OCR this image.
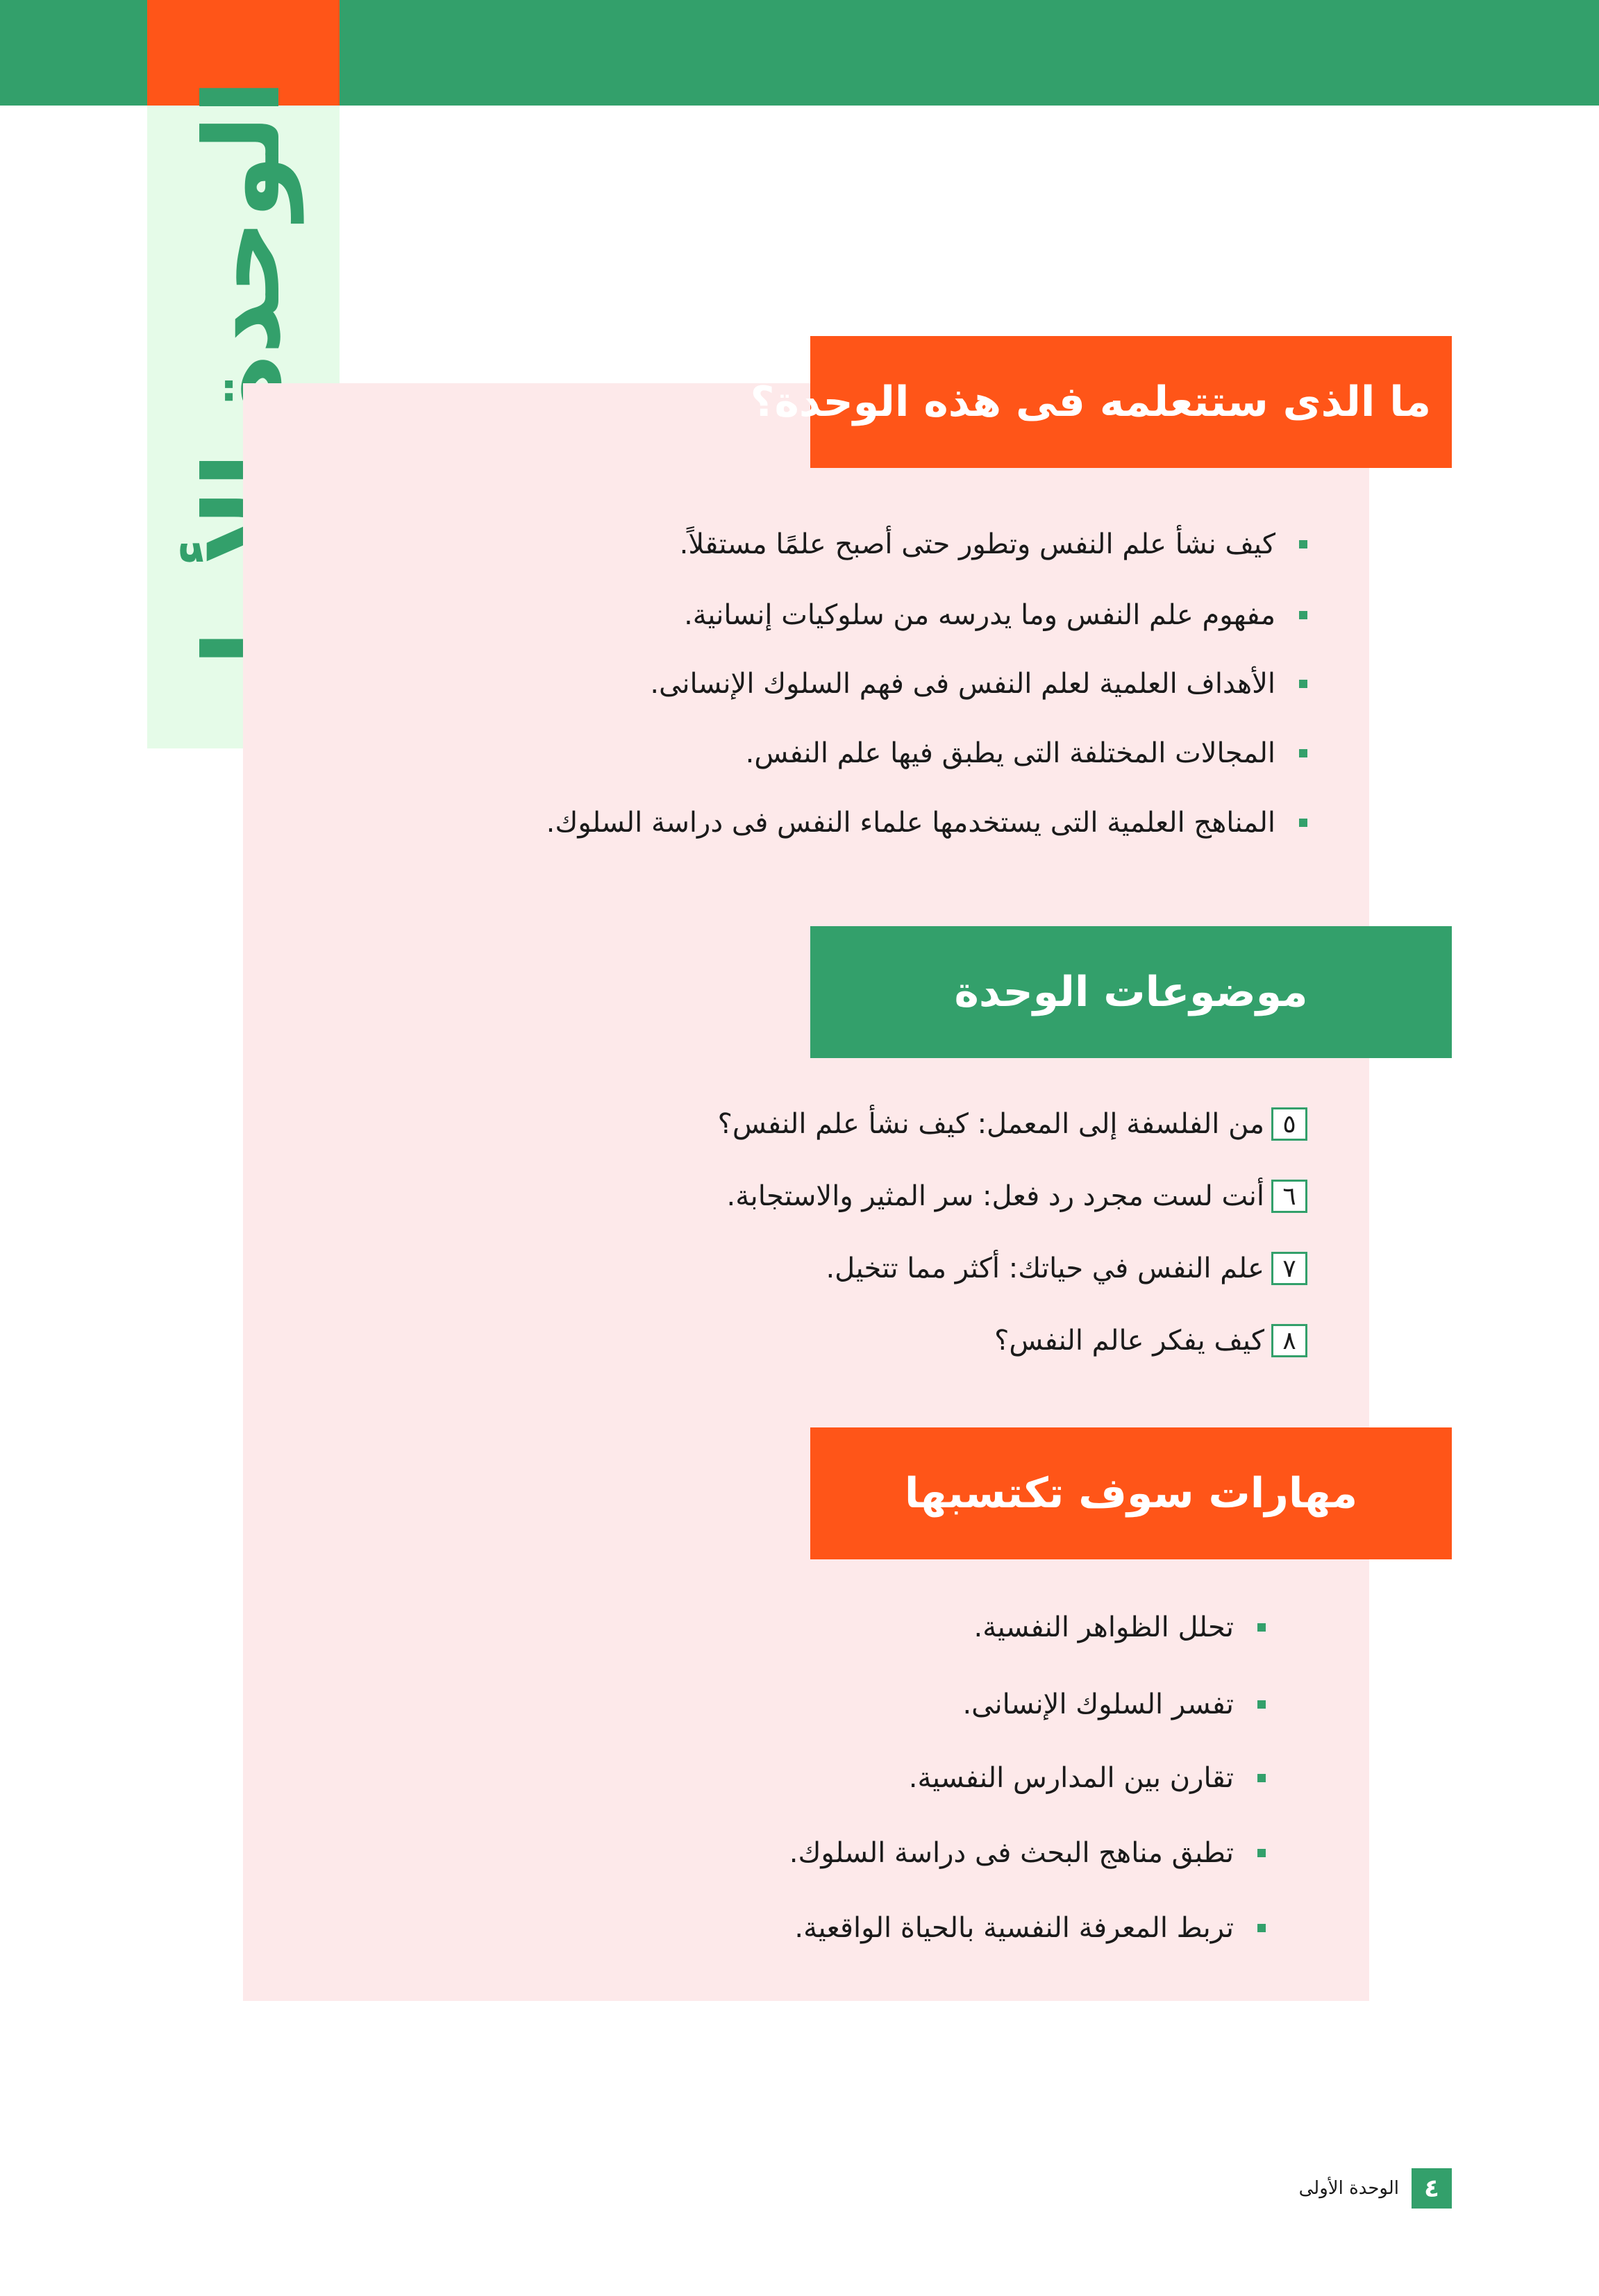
الوحدة	ما الذى ستتعلمه فى هذه الوحدة؟
كيف نشأ علم النفس وتطور حتى أصبح علمًا مستقلاً.
مفهوم علم النفس وما يدرسه من سلوكيات إنسانية.
الأهداف العلمية لعلم النفس فى فهم السلوك الإنسانى.
المجالات المختلفة التى يطبق فيها علم النفس.
المناهج العلمية التى يستخدمها علماء النفس فى دراسة السلوك.
موضوعات الوحدة
٥
من الفلسفة إلى المعمل: كيف نشأ علم النفس؟
٦
أنت لست مجرد رد فعل: سر المثير والاستجابة.
٧
علم النفس في حياتك: أكثر مما تتخيل.
٨
كيف يفكر عالم النفس؟
مهارات سوف تكتسبها
تحلل الظواهر النفسية.
تفسر السلوك الإنسانى.
تقارن بين المدارس النفسية.
تطبق مناهج البحث فى دراسة السلوك.
تربط المعرفة النفسية بالحياة الواقعية.
٤
الوحدة الأولى
